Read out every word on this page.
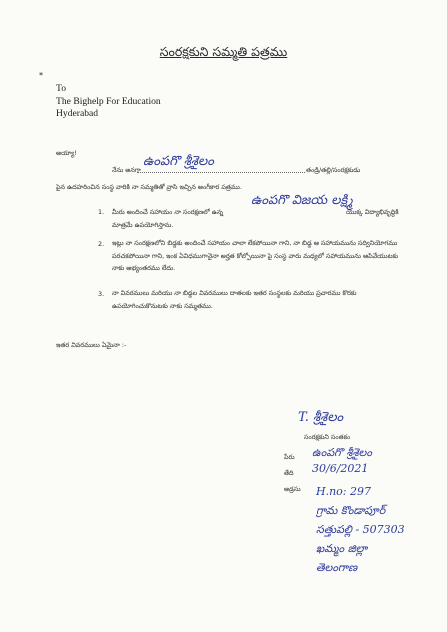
సంరక్షకుని సమ్మతి పత్రము
*
To
The Bighelp For Education
Hyderabad
అయ్యా!
నేను అనగా
ఉంపగొ శ్రీశైలం
తండ్రి/తల్లి/సంరక్షకుడు
పైన ఉదహరించిన సంస్థ వారికి నా సమ్మతితో వ్రాసి ఇచ్చిన అంగీకార పత్రము.
1. మీరు అందించే సహాయం నా సంరక్షణలో ఉన్న
ఉంపగొ విజయ లక్ష్మి
యొక్క విద్యాభివృద్ధికి
మాత్రమే ఉపయోగిస్తాను.
2. ఇట్లు నా సంరక్షణలోని బిడ్డకు అందించే సహాయం చాలా లేకపోయినా గాని, నా బిడ్డ ఆ సహాయమును సద్వినియోగము పరచకపోయినా గాని, ఇంక ఏవిధముగానైనా అర్హత కోల్పోయినా పై సంస్థ వారు మధ్యలో సహాయమును ఆపివేయుటకు నాకు అభ్యంతరము లేదు.
3. నా వివరములు మరియు నా బిడ్డల వివరములు దాతలకు ఇతర సంస్థలకు మరియు ప్రచారము కొరకు ఉపయోగించుకొనుటకు నాకు సమ్మతము.
ఇతర వివరములు ఏమైనా :-
T. శ్రీశైలం
సంరక్షకుని సంతకం
పేరు ఉంపగొ శ్రీశైలం
తేది 30/6/2021
అడ్రసు H.no: 297
గ్రామ కొండాపూర్
సత్తుపల్లి - 507303
ఖమ్మం జిల్లా
తెలంగాణ
